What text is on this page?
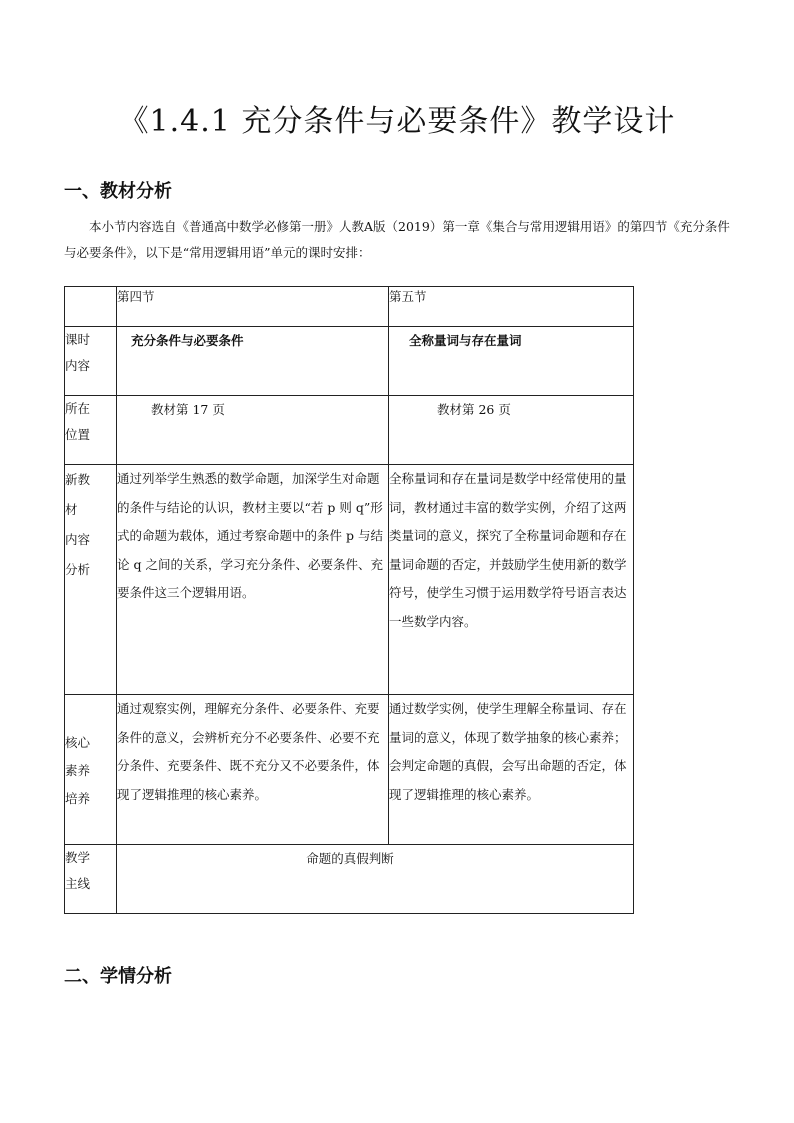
《1.4.1 充分条件与必要条件》教学设计
一、教材分析

本小节内容选自《普通高中数学必修第一册》人教A版（2019）第一章《集合与常用逻辑用语》的第四节《充分条件与必要条件》，以下是“常用逻辑用语”单元的课时安排：

	第四节	第五节

课时
内容	充分条件与必要条件	全称量词与存在量词

所在
位置	教材第 17 页	教材第 26 页

新教
材
内容
分析	通过列举学生熟悉的数学命题，加深学生对命题的条件与结论的认识，教材主要以“若 p 则 q”形式的命题为载体，通过考察命题中的条件 p 与结论 q 之间的关系，学习充分条件、必要条件、充要条件这三个逻辑用语。	全称量词和存在量词是数学中经常使用的量词，教材通过丰富的数学实例，介绍了这两类量词的意义，探究了全称量词命题和存在量词命题的否定，并鼓励学生使用新的数学符号，使学生习惯于运用数学符号语言表达一些数学内容。

核心
素养
培养	通过观察实例，理解充分条件、必要条件、充要条件的意义，会辨析充分不必要条件、必要不充分条件、充要条件、既不充分又不必要条件，体现了逻辑推理的核心素养。	通过数学实例，使学生理解全称量词、存在量词的意义，体现了数学抽象的核心素养；会判定命题的真假，会写出命题的否定，体现了逻辑推理的核心素养。

教学
主线	命题的真假判断	
二、学情分析
